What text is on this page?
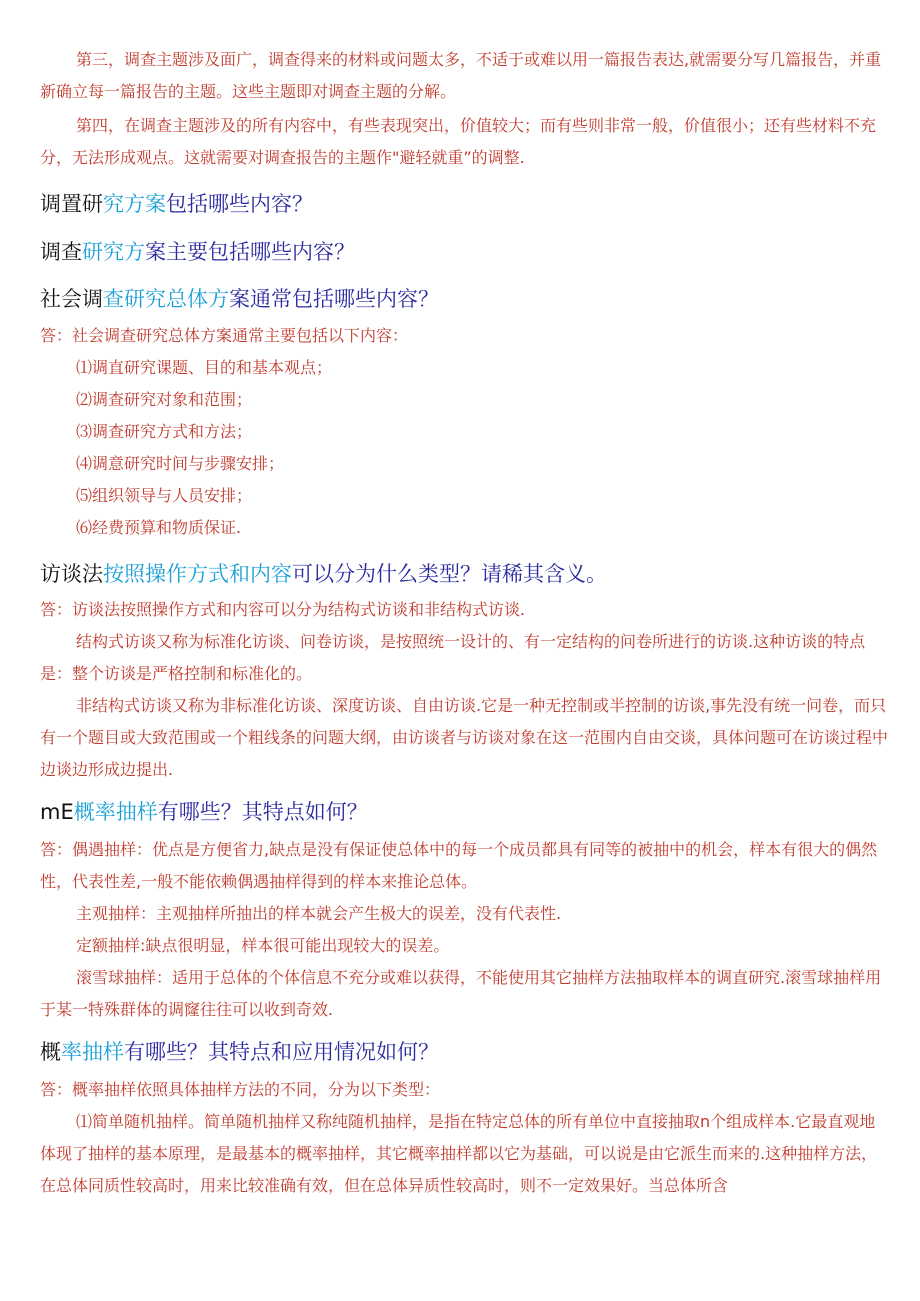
第三，调查主题涉及面广，调查得来的材料或问题太多，不适于或难以用一篇报告表达,就需要分写几篇报告，并重新确立每一篇报告的主题。这些主题即对调查主题的分解。

第四，在调查主题涉及的所有内容中，有些表现突出，价值较大；而有些则非常一般，价值很小；还有些材料不充分，无法形成观点。这就需要对调查报告的主题作"避轻就重”的调整.

调置研究方案包括哪些内容？
调查研究方案主要包括哪些内容？
社会调查研究总体方案通常包括哪些内容？

答：社会调查研究总体方案通常主要包括以下内容：

⑴调直研究课题、目的和基本观点；

⑵调查研究对象和范围；

⑶调查研究方式和方法；

⑷调意研究时间与步骤安排；

⑸组织领导与人员安排；

⑹经费预算和物质保证.

访谈法按照操作方式和内容可以分为什么类型？请稀其含义。

答：访谈法按照操作方式和内容可以分为结构式访谈和非结构式访谈.

结构式访谈又称为标准化访谈、问卷访谈，是按照统一设计的、有一定结构的问卷所进行的访谈.这种访谈的特点是：整个访谈是严格控制和标准化的。

非结构式访谈又称为非标准化访谈、深度访谈、自由访谈.它是一种无控制或半控制的访谈,事先没有统一问卷，而只有一个题目或大致范围或一个粗线条的问题大纲，由访谈者与访谈对象在这一范围内自由交谈，具体问题可在访谈过程中边谈边形成边提出.

mE概率抽样有哪些？其特点如何？

答：偶遇抽样：优点是方便省力,缺点是没有保证使总体中的每一个成员都具有同等的被抽中的机会，样本有很大的偶然性，代表性差,一般不能依赖偶遇抽样得到的样本来推论总体。

主观抽样：主观抽样所抽出的样本就会产生极大的误差，没有代表性.

定额抽样:缺点很明显，样本很可能出现较大的误差。

滚雪球抽样：适用于总体的个体信息不充分或难以获得，不能使用其它抽样方法抽取样本的调直研究.滚雪球抽样用于某一特殊群体的调窿往往可以收到奇效.

概率抽样有哪些？其特点和应用情况如何？

答：概率抽样依照具体抽样方法的不同，分为以下类型：

⑴简单随机抽样。简单随机抽样又称纯随机抽样，是指在特定总体的所有单位中直接抽取n个组成样本.它最直观地体现了抽样的基本原理，是最基本的概率抽样，其它概率抽样都以它为基础，可以说是由它派生而来的.这种抽样方法，在总体同质性较高时，用来比较准确有效，但在总体异质性较高时，则不一定效果好。当总体所含
